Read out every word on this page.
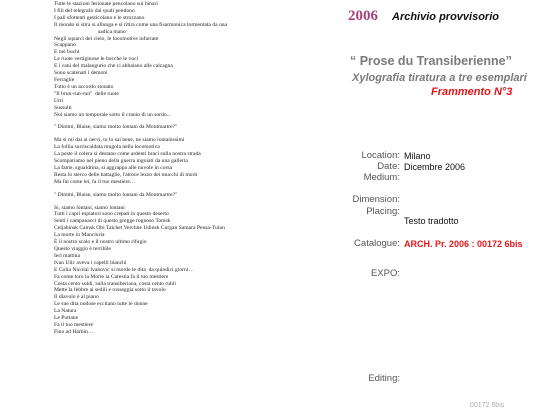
Tutte le stazioni lesionate pencolano sui binari
I fili del telegrafo dai quali pendono
I pali sfottenti gesticolano e le strozzano
Il mondo si stira si allunga e si ritira come una fisarmonica tormentata da una
sadica mano
Negli squarci del cielo, le locomotive infuriate
Scappano
E nei buchi
Le ruote vertiginose le bocche le voci
E i cani del malaugurio che ci abbaiano alle calcagna
Sono scatenati i demoni
Ferraglie
Tutto è un accordo stonato
"Il brun-run-run"  delle ruote
Urti
Sussulti
Noi siamo un temporale sotto il cranio di un sordo...
" Dimmi, Blaise, siamo molto lontani da Montmartre?"
Ma sì mi dai ai nervi, tu lo sai bene, ne siamo lontanissimi
La follia surriscaldata mugola nella locomotiva
La peste il colera si destano come ardenti braci sulla nostra strada
Scompariamo nel pieno della guerra ingoiati da una galleria
La fame, sgualdrina, si aggrappa alle nuvole in corsa
Resta lo sterco delle battaglie, l'atroce lezzo dei mucchi di morti
Ma fai come lei, fa il tuo mestiere…
" Dimmi, Blaise, siamo molto lontani da Montmartre?"
Sì, siamo lontani, siamo lontani
Tutti i capri espiatori sono crepati in questo deserto
Senti i campanacci di questo gregge rognoso Tomsk
Celjabinsk Cainsk Obi Taichet Verchne Udinsk Curgan Samara Pensa-Tulun
La morte in Manciuria
È il nostro scalo e il nostro ultimo rifugio
Questo viaggio è terribile
Ieri mattina
Ivan Ulic aveva i capelli bianchi
E Colia Nicolai Ivanovic si morde le dita  da quindici giorni…
Fa come loro la Morte la Carestia fa il tuo mestiere
Costa cento soldi, sulla transiberiana, costa cento rubli
Mette la febbre ai sedili e rosseggia sotto il tavolo
Il diavolo è al piano
Le sue dita nodose eccitano tutte le donne
La Natura
Le Puttane
Fa il tuo mestiere
Fino ad Harbin…
2006 Archivio provvisorio
“ Prose du Transiberienne”
Xylografia tiratura a tre esemplari
Frammento N°3
Location: Milano
Date: Dicembre 2006
Medium:
Dimension:
Placing:
Testo tradotto
Catalogue: ARCH. Pr. 2006 : 00172 6bis
EXPO:
Editing:
00172 6bis
